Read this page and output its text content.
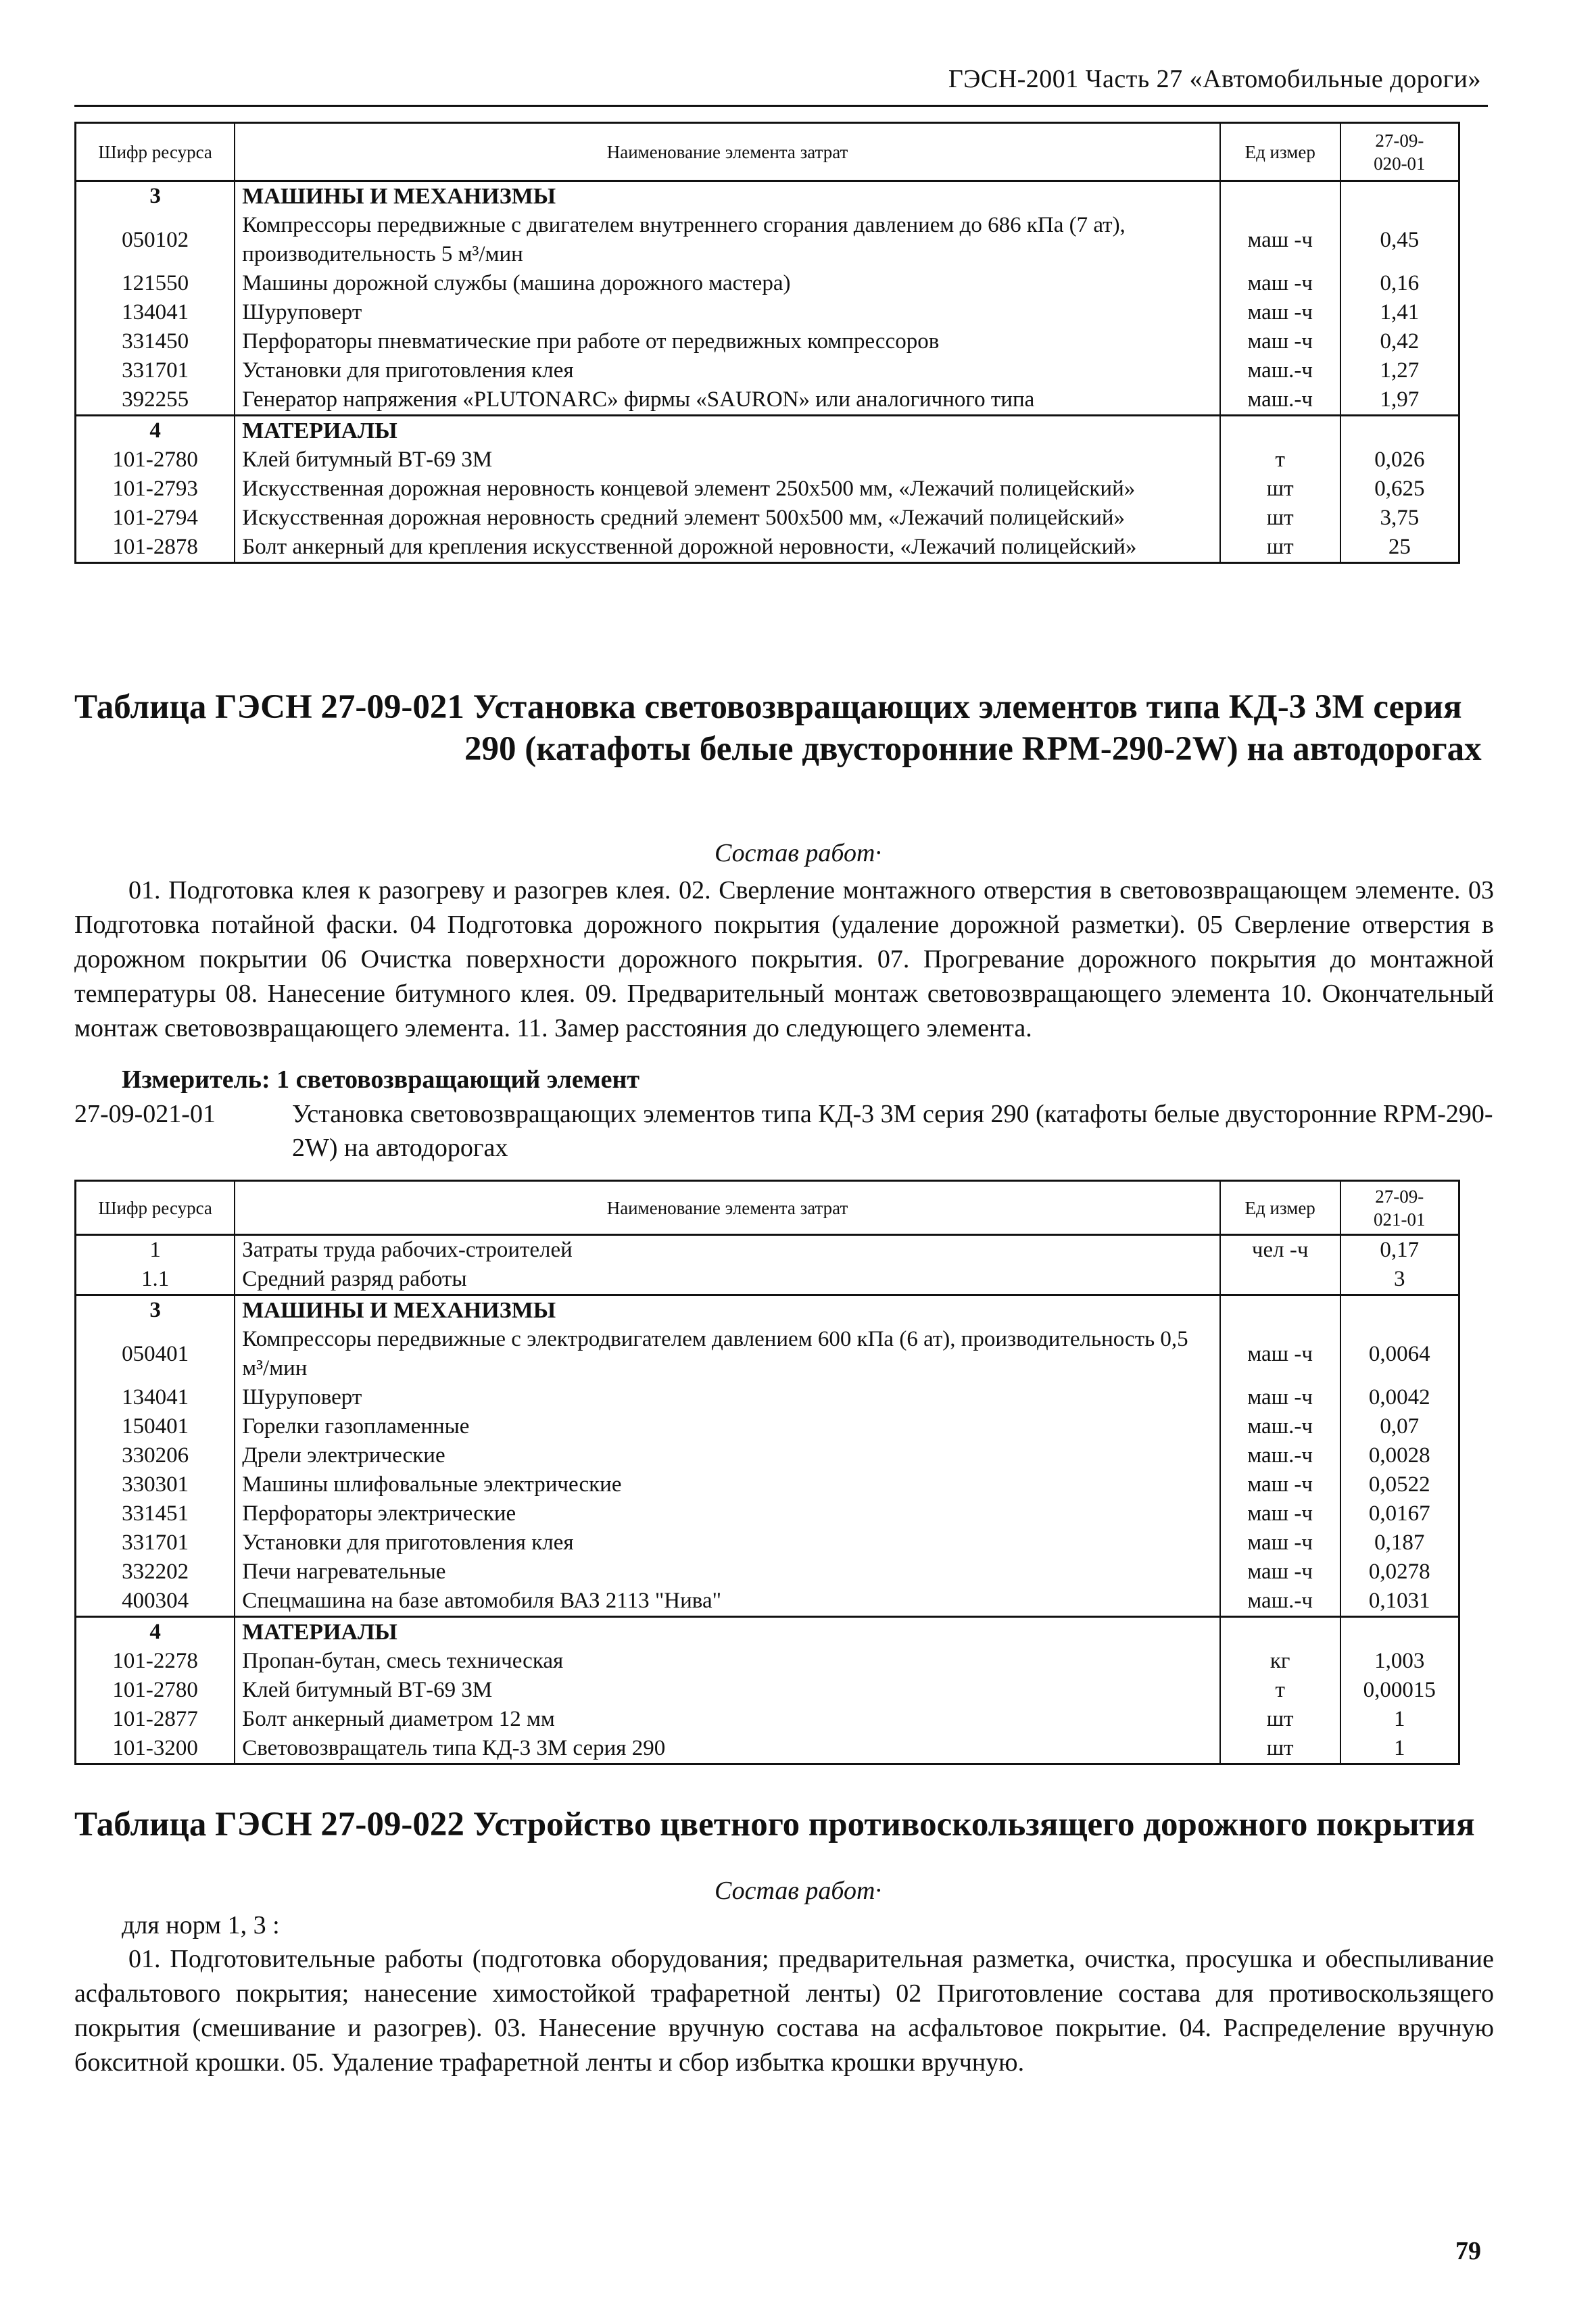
ГЭСН-2001 Часть 27 «Автомобильные дороги»
Шифр ресурса	Наименование элемента затрат	Ед измер	27-09-
020-01
3	МАШИНЫ И МЕХАНИЗМЫ		
050102	Компрессоры передвижные с двигателем внутреннего сгорания давлением до 686 кПа (7 ат), производительность 5 м³/мин	маш -ч	0,45
121550	Машины дорожной службы (машина дорожного мастера)	маш -ч	0,16
134041	Шуруповерт	маш -ч	1,41
331450	Перфораторы пневматические при работе от передвижных компрессоров	маш -ч	0,42
331701	Установки для приготовления клея	маш.-ч	1,27
392255	Генератор напряжения «PLUTONARC» фирмы «SAURON» или аналогичного типа	маш.-ч	1,97
4	МАТЕРИАЛЫ		
101-2780	Клей битумный ВТ-69 3М	т	0,026
101-2793	Искусственная дорожная неровность концевой элемент 250х500 мм, «Лежачий полицейский»	шт	0,625
101-2794	Искусственная дорожная неровность средний элемент 500х500 мм, «Лежачий полицейский»	шт	3,75
101-2878	Болт анкерный для крепления искусственной дорожной неровности, «Лежачий полицейский»	шт	25
Таблица ГЭСН 27-09-021 Установка световозвращающих элементов типа КД-3 3М серия
290 (катафоты белые двусторонние RPM-290-2W) на автодорогах
Состав работ·
01. Подготовка клея к разогреву и разогрев клея. 02. Сверление монтажного отверстия в световозвращающем элементе. 03 Подготовка потайной фаски. 04 Подготовка дорожного покрытия (удаление дорожной разметки). 05 Сверление отверстия в дорожном покрытии 06 Очистка поверхности дорожного покрытия. 07. Прогревание дорожного покрытия до монтажной температуры 08. Нанесение битумного клея. 09. Предварительный монтаж световозвращающего элемента 10. Окончательный монтаж световозвращающего элемента. 11. Замер расстояния до следующего элемента.
Измеритель: 1 световозвращающий элемент
27-09-021-01	Установка световозвращающих элементов типа КД-3 3М серия 290 (катафоты белые двусторонние RPM-290-2W) на автодорогах
Шифр ресурса	Наименование элемента затрат	Ед измер	27-09-
021-01
1	Затраты труда рабочих-строителей	чел -ч	0,17
1.1	Средний разряд работы		3
3	МАШИНЫ И МЕХАНИЗМЫ		
050401	Компрессоры передвижные с электродвигателем давлением 600 кПа (6 ат), производительность 0,5 м³/мин	маш -ч	0,0064
134041	Шуруповерт	маш -ч	0,0042
150401	Горелки газопламенные	маш.-ч	0,07
330206	Дрели электрические	маш.-ч	0,0028
330301	Машины шлифовальные электрические	маш -ч	0,0522
331451	Перфораторы электрические	маш -ч	0,0167
331701	Установки для приготовления клея	маш -ч	0,187
332202	Печи нагревательные	маш -ч	0,0278
400304	Спецмашина на базе автомобиля ВАЗ 2113 "Нива"	маш.-ч	0,1031
4	МАТЕРИАЛЫ		
101-2278	Пропан-бутан, смесь техническая	кг	1,003
101-2780	Клей битумный ВТ-69 3М	т	0,00015
101-2877	Болт анкерный диаметром 12 мм	шт	1
101-3200	Световозвращатель типа КД-3 3М серия 290	шт	1
Таблица ГЭСН 27-09-022 Устройство цветного противоскользящего дорожного покрытия
Состав работ·
для норм 1, 3 :
01. Подготовительные работы (подготовка оборудования; предварительная разметка, очистка, просушка и обеспыливание асфальтового покрытия; нанесение химостойкой трафаретной ленты) 02 Приготовление состава для противоскользящего покрытия (смешивание и разогрев). 03. Нанесение вручную состава на асфальтовое покрытие. 04. Распределение вручную бокситной крошки. 05. Удаление трафаретной ленты и сбор избытка крошки вручную.
79
